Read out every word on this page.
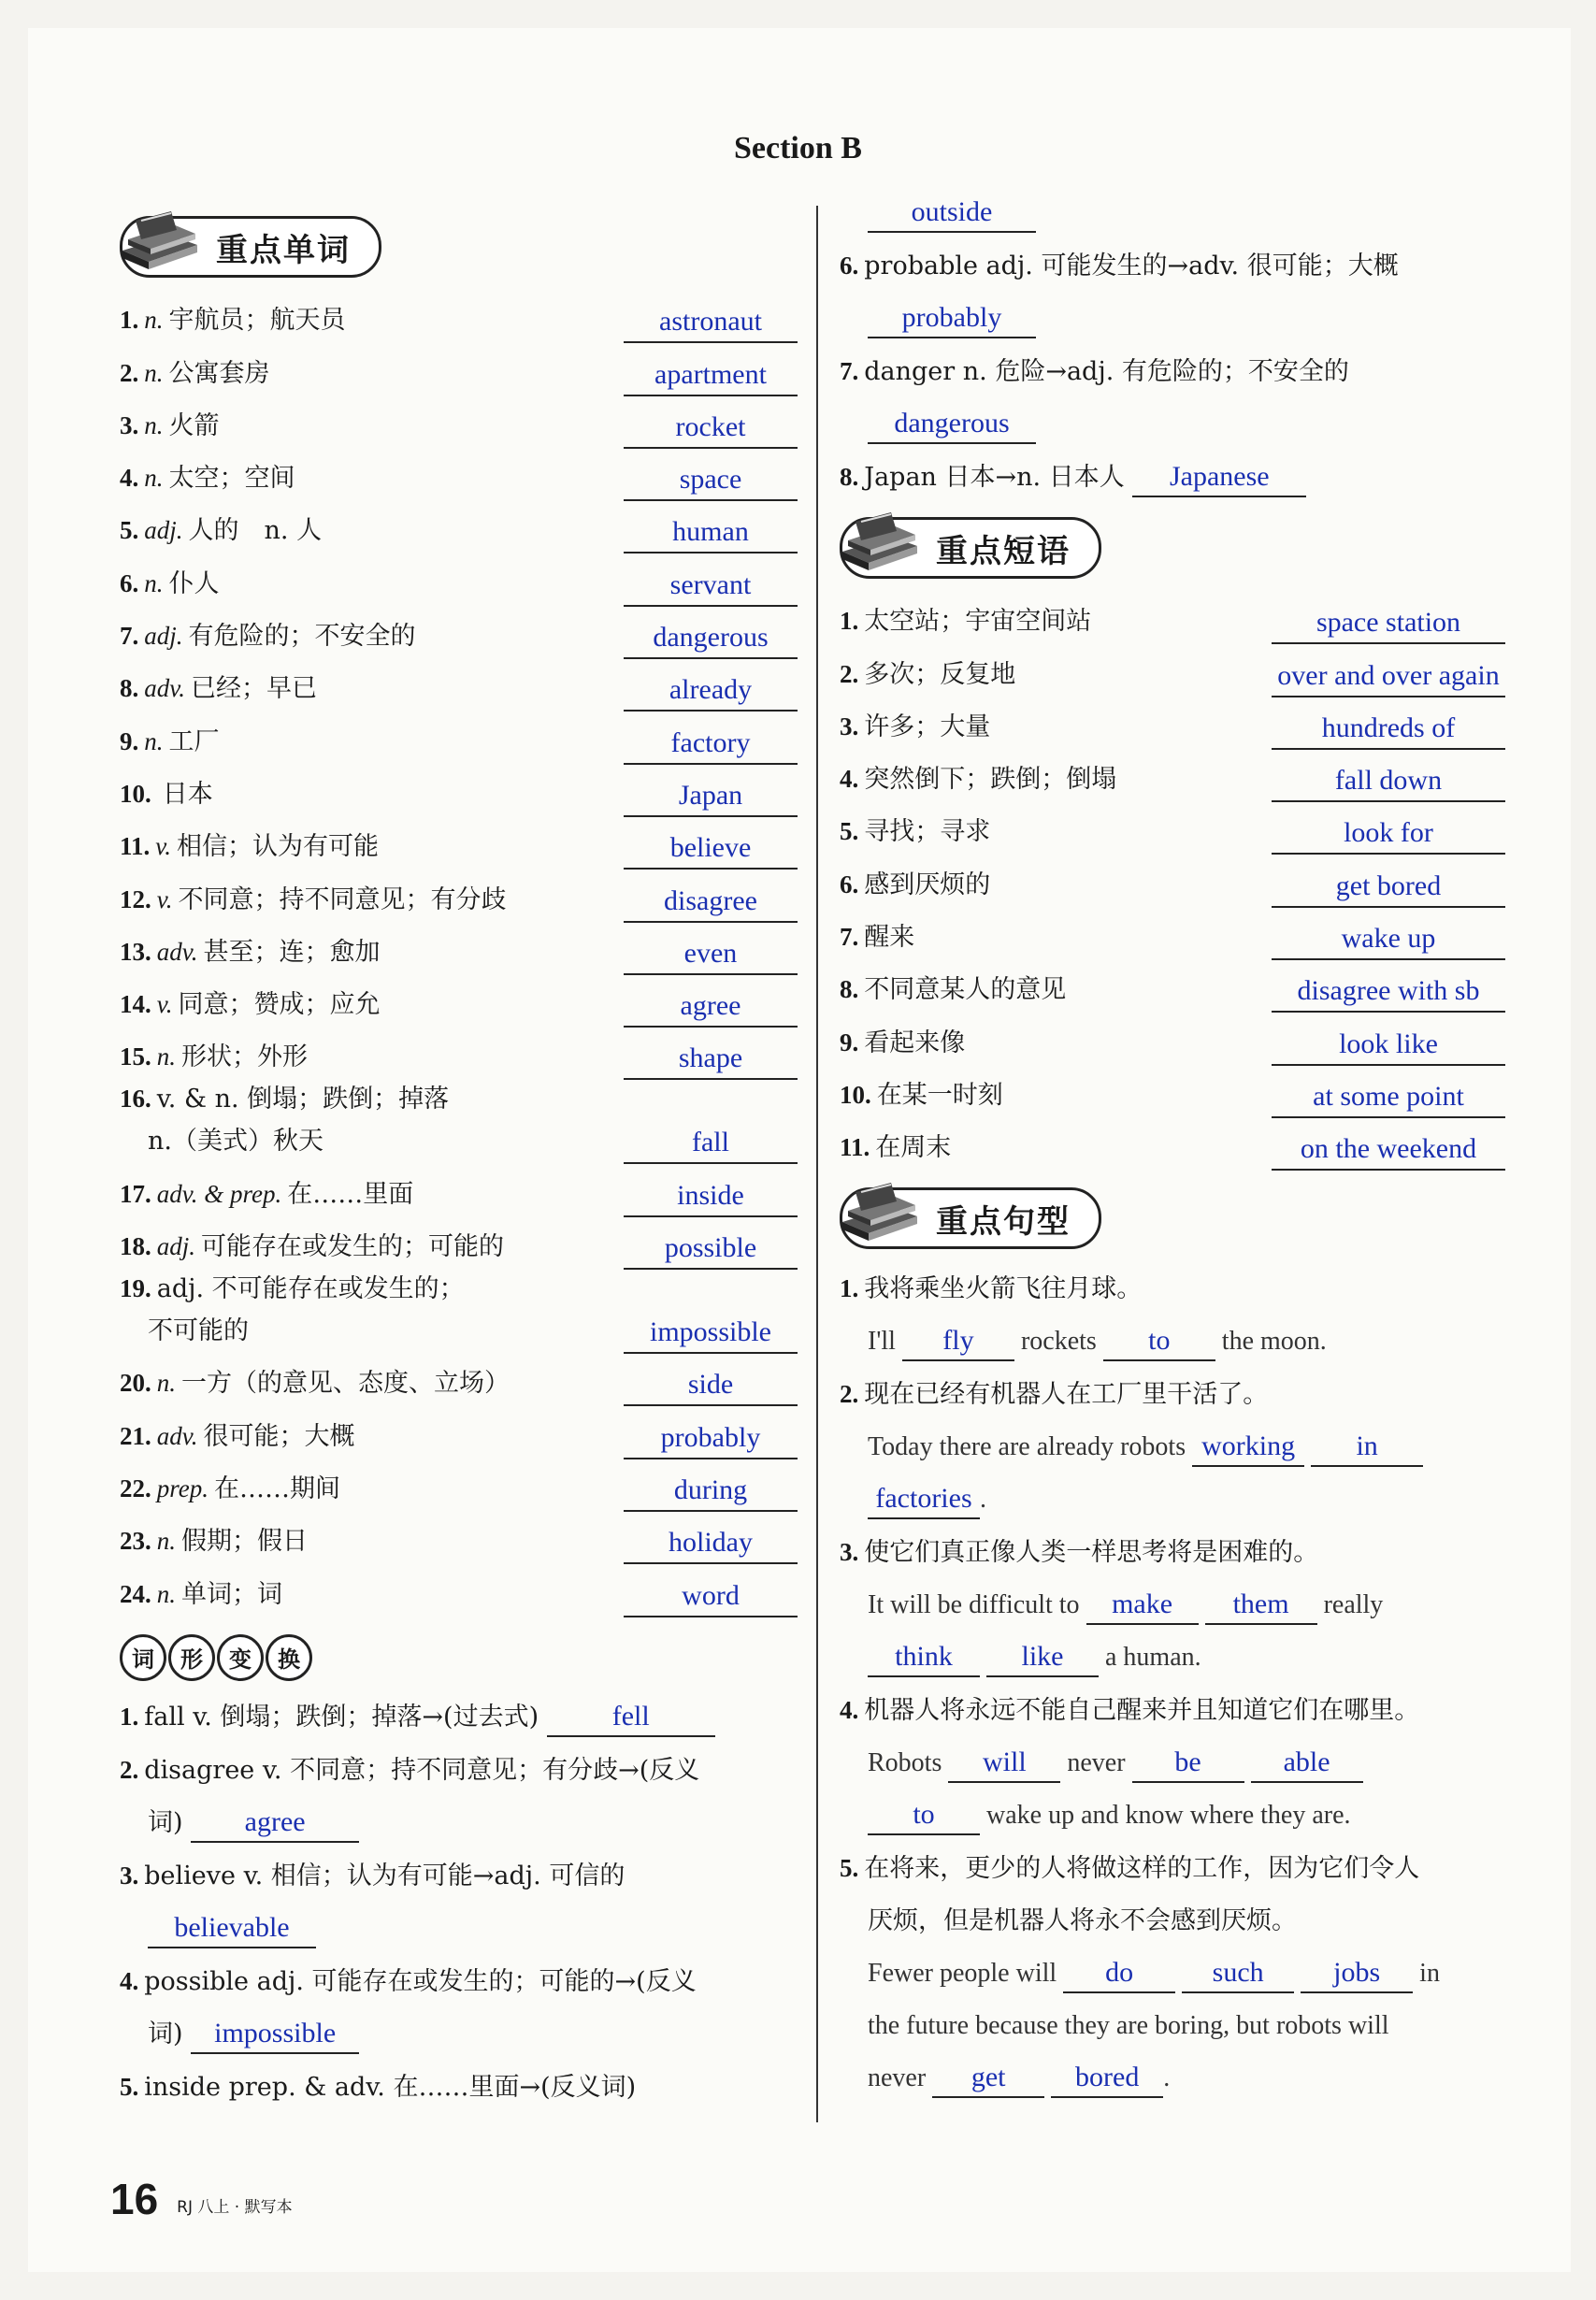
Section B
重点单词
1. n. 宇航员；航天员	astronaut
2. n. 公寓套房	apartment
3. n. 火箭	rocket
4. n. 太空；空间	space
5. adj. 人的　n. 人	human
6. n. 仆人	servant
7. adj. 有危险的；不安全的	dangerous
8. adv. 已经；早已	already
9. n. 工厂	factory
10. 日本	Japan
11. v. 相信；认为有可能	believe
12. v. 不同意；持不同意见；有分歧	disagree
13. adv. 甚至；连；愈加	even
14. v. 同意；赞成；应允	agree
15. n. 形状；外形	shape
16. v. & n. 倒塌；跌倒；掉落
n.（美式）秋天	fall
17. adv. & prep. 在……里面	inside
18. adj. 可能存在或发生的；可能的	possible
19. adj. 不可能存在或发生的；
不可能的	impossible
20. n. 一方（的意见、态度、立场）	side
21. adv. 很可能；大概	probably
22. prep. 在……期间	during
23. n. 假期；假日	holiday
24. n. 单词；词	word
词	形	变	换
1. fall v. 倒塌；跌倒；掉落→(过去式)	fell
2. disagree v. 不同意；持不同意见；有分歧→(反义
词) agree
3. believe v. 相信；认为有可能→adj. 可信的
believable
4. possible adj. 可能存在或发生的；可能的→(反义
词) impossible
5. inside prep. & adv. 在……里面→(反义词)
outside
6. probable adj. 可能发生的→adv. 很可能；大概
probably
7. danger n. 危险→adj. 有危险的；不安全的
dangerous
8. Japan 日本→n. 日本人 Japanese
重点短语
1. 太空站；宇宙空间站	space station
2. 多次；反复地	over and over again
3. 许多；大量	hundreds of
4. 突然倒下；跌倒；倒塌	fall down
5. 寻找；寻求	look for
6. 感到厌烦的	get bored
7. 醒来	wake up
8. 不同意某人的意见	disagree with sb
9. 看起来像	look like
10. 在某一时刻	at some point
11. 在周末	on the weekend
重点句型
1. 我将乘坐火箭飞往月球。
I'll fly rockets to the moon.
2. 现在已经有机器人在工厂里干活了。
Today there are already robots working in
factories .
3. 使它们真正像人类一样思考将是困难的。
It will be difficult to make them really
think like a human.
4. 机器人将永远不能自己醒来并且知道它们在哪里。
Robots will never be	able
to wake up and know where they are.
5. 在将来，更少的人将做这样的工作，因为它们令人
厌烦，但是机器人将永不会感到厌烦。
Fewer people will do	such jobs in
the future because they are boring, but robots will
never get bored .
16 RJ 八上 · 默写本
